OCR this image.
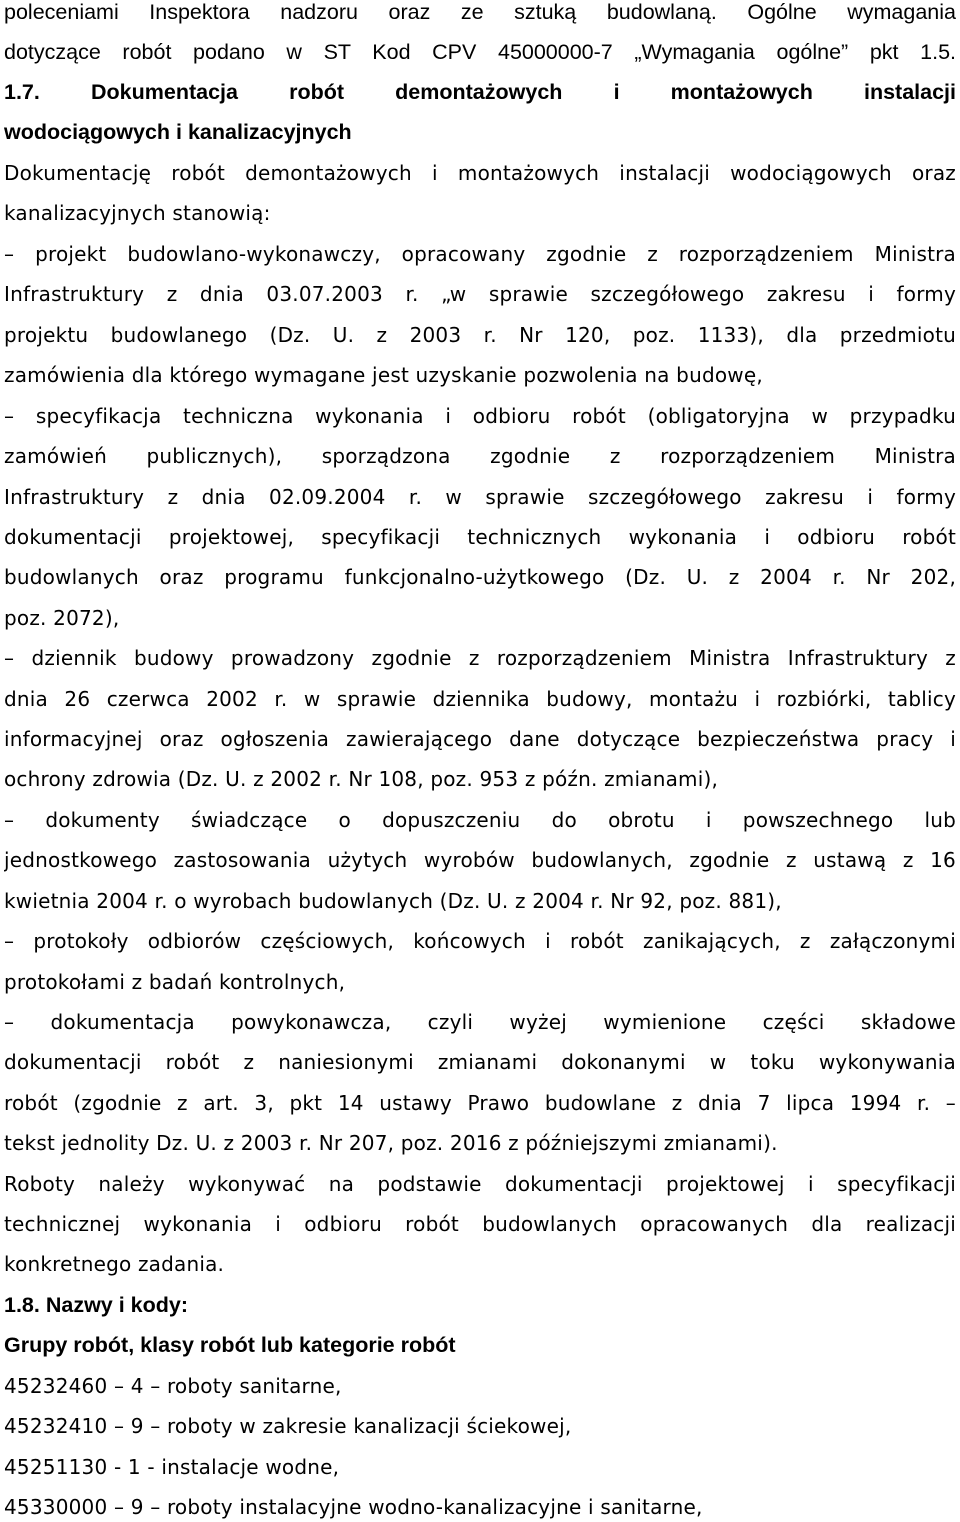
poleceniami Inspektora nadzoru oraz ze sztuką budowlaną. Ogólne wymagania
dotyczące robót podano w ST Kod CPV 45000000-7 „Wymagania ogólne” pkt 1.5.
1.7. Dokumentacja robót demontażowych i montażowych instalacji
wodociągowych i kanalizacyjnych
Dokumentację robót demontażowych i montażowych instalacji wodociągowych oraz
kanalizacyjnych stanowią:
– projekt budowlano-wykonawczy, opracowany zgodnie z rozporządzeniem Ministra
Infrastruktury z dnia 03.07.2003 r. „w sprawie szczegółowego zakresu i formy
projektu budowlanego (Dz. U. z 2003 r. Nr 120, poz. 1133), dla przedmiotu
zamówienia dla którego wymagane jest uzyskanie pozwolenia na budowę,
– specyfikacja techniczna wykonania i odbioru robót (obligatoryjna w przypadku
zamówień publicznych), sporządzona zgodnie z rozporządzeniem Ministra
Infrastruktury z dnia 02.09.2004 r. w sprawie szczegółowego zakresu i formy
dokumentacji projektowej, specyfikacji technicznych wykonania i odbioru robót
budowlanych oraz programu funkcjonalno-użytkowego (Dz. U. z 2004 r. Nr 202,
poz. 2072),
– dziennik budowy prowadzony zgodnie z rozporządzeniem Ministra Infrastruktury z
dnia 26 czerwca 2002 r. w sprawie dziennika budowy, montażu i rozbiórki, tablicy
informacyjnej oraz ogłoszenia zawierającego dane dotyczące bezpieczeństwa pracy i
ochrony zdrowia (Dz. U. z 2002 r. Nr 108, poz. 953 z późn. zmianami),
– dokumenty świadczące o dopuszczeniu do obrotu i powszechnego lub
jednostkowego zastosowania użytych wyrobów budowlanych, zgodnie z ustawą z 16
kwietnia 2004 r. o wyrobach budowlanych (Dz. U. z 2004 r. Nr 92, poz. 881),
– protokoły odbiorów częściowych, końcowych i robót zanikających, z załączonymi
protokołami z badań kontrolnych,
– dokumentacja powykonawcza, czyli wyżej wymienione części składowe
dokumentacji robót z naniesionymi zmianami dokonanymi w toku wykonywania
robót (zgodnie z art. 3, pkt 14 ustawy Prawo budowlane z dnia 7 lipca 1994 r. –
tekst jednolity Dz. U. z 2003 r. Nr 207, poz. 2016 z późniejszymi zmianami).
Roboty należy wykonywać na podstawie dokumentacji projektowej i specyfikacji
technicznej wykonania i odbioru robót budowlanych opracowanych dla realizacji
konkretnego zadania.
1.8. Nazwy i kody:
Grupy robót, klasy robót lub kategorie robót
45232460 – 4 – roboty sanitarne,
45232410 – 9 – roboty w zakresie kanalizacji ściekowej,
45251130 - 1 - instalacje wodne,
45330000 – 9 – roboty instalacyjne wodno-kanalizacyjne i sanitarne,
